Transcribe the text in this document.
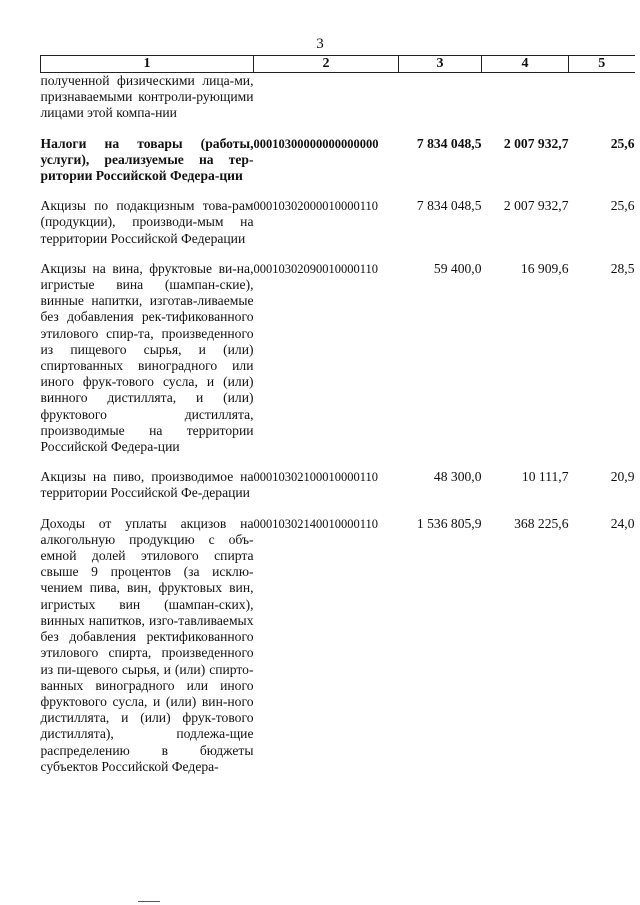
3
1	2	3	4	5
полученной физическими лица-ми, признаваемыми контроли-рующими лицами этой компа-нии				

Налоги на товары (работы, услуги), реализуемые на тер-ритории Российской Федера-ции	00010300000000000000	7 834 048,5	2 007 932,7	25,6

Акцизы по подакцизным това-рам (продукции), производи-мым на территории Российской Федерации	00010302000010000110	7 834 048,5	2 007 932,7	25,6

Акцизы на вина, фруктовые ви-на, игристые вина (шампан-ские), винные напитки, изготав-ливаемые без добавления рек-тификованного этилового спир-та, произведенного из пищевого сырья, и (или) спиртованных виноградного или иного фрук-тового сусла, и (или) винного дистиллята, и (или) фруктового дистиллята, производимые на территории Российской Федера-ции	00010302090010000110	59 400,0	16 909,6	28,5

Акцизы на пиво, производимое на территории Российской Фе-дерации	00010302100010000110	48 300,0	10 111,7	20,9

Доходы от уплаты акцизов на алкогольную продукцию с объ-емной долей этилового спирта свыше 9 процентов (за исклю-чением пива, вин, фруктовых вин, игристых вин (шампан-ских), винных напитков, изго-тавливаемых без добавления ректификованного этилового спирта, произведенного из пи-щевого сырья, и (или) спирто-ванных виноградного или иного фруктового сусла, и (или) вин-ного дистиллята, и (или) фрук-тового дистиллята), подлежа-щие распределению в бюджеты субъектов Российской Федера-	00010302140010000110	1 536 805,9	368 225,6	24,0
